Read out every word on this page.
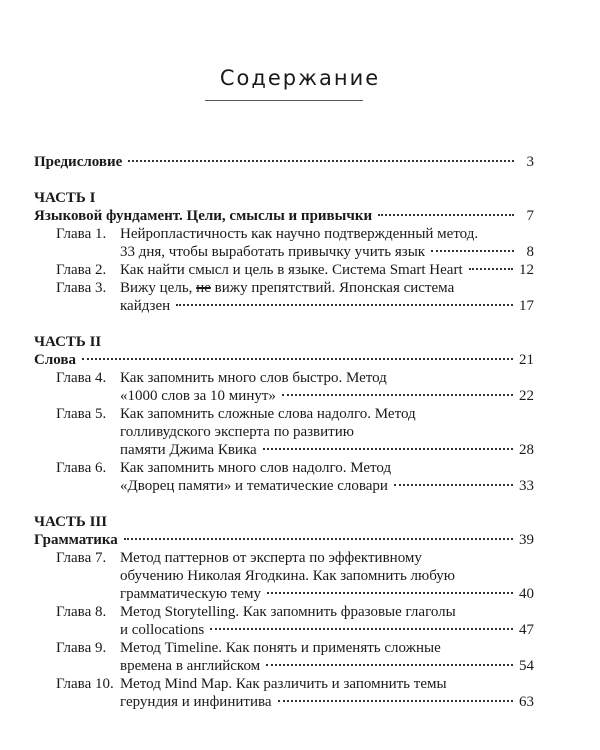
Содержание
Предисловие	3
ЧАСТЬ I
Языковой фундамент. Цели, смыслы и привычки	7
Глава 1. Нейропластичность как научно подтвержденный метод.
33 дня, чтобы выработать привычку учить язык	8
Глава 2. Как найти смысл и цель в языке. Система Smart Heart	12
Глава 3. Вижу цель, не вижу препятствий. Японская система
кайдзен	17
ЧАСТЬ II
Слова	21
Глава 4. Как запомнить много слов быстро. Метод
«1000 слов за 10 минут»	22
Глава 5. Как запомнить сложные слова надолго. Метод
голливудского эксперта по развитию
памяти Джима Квика	28
Глава 6. Как запомнить много слов надолго. Метод
«Дворец памяти» и тематические словари	33
ЧАСТЬ III
Грамматика	39
Глава 7. Метод паттернов от эксперта по эффективному
обучению Николая Ягодкина. Как запомнить любую
грамматическую тему	40
Глава 8. Метод Storytelling. Как запомнить фразовые глаголы
и collocations	47
Глава 9. Метод Timeline. Как понять и применять сложные
времена в английском	54
Глава 10. Метод Mind Map. Как различить и запомнить темы
герундия и инфинитива	63
